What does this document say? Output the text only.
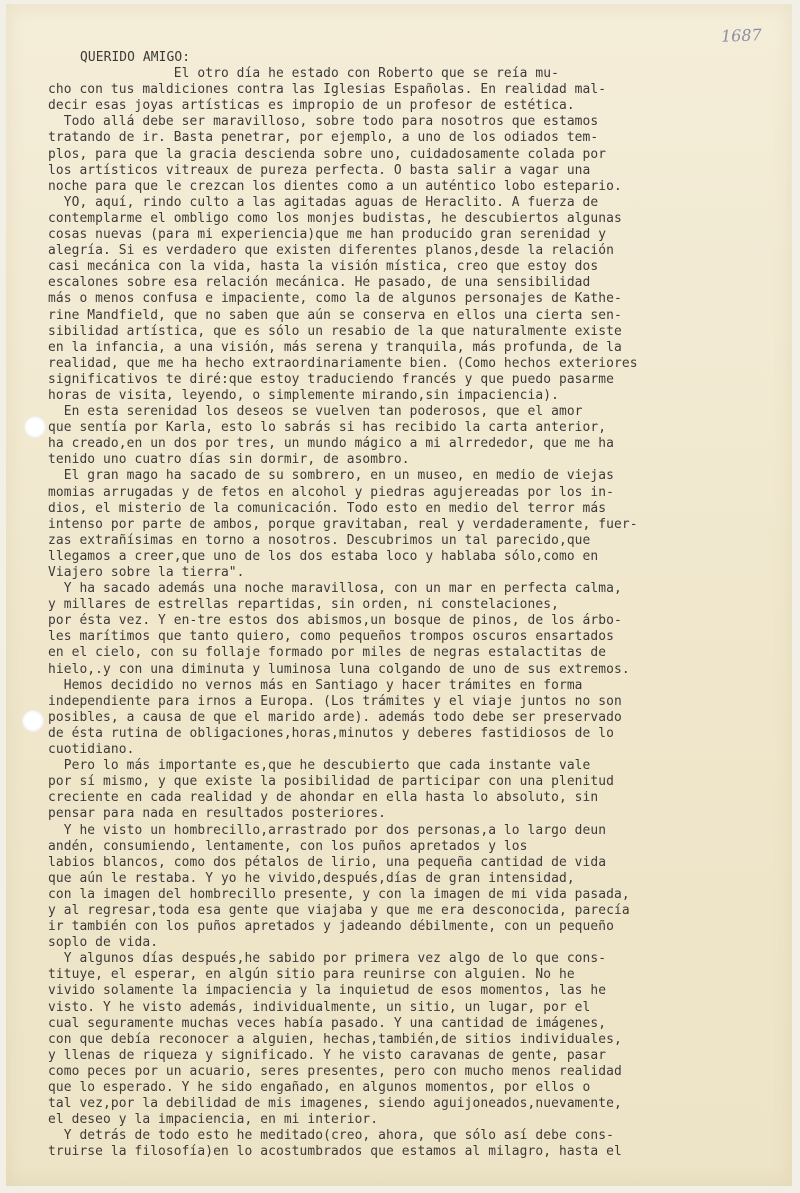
1687
QUERIDO AMIGO:
El otro día he estado con Roberto que se reía mu-
cho con tus maldiciones contra las Iglesias Españolas. En realidad mal-
decir esas joyas artísticas es impropio de un profesor de estética.
Todo allá debe ser maravilloso, sobre todo para nosotros que estamos
tratando de ir. Basta penetrar, por ejemplo, a uno de los odiados tem-
plos, para que la gracia descienda sobre uno, cuidadosamente colada por
los artísticos vitreaux de pureza perfecta. O basta salir a vagar una
noche para que le crezcan los dientes como a un auténtico lobo estepario.
YO, aquí, rindo culto a las agitadas aguas de Heraclito. A fuerza de
contemplarme el ombligo como los monjes budistas, he descubiertos algunas
cosas nuevas (para mi experiencia)que me han producido gran serenidad y
alegría. Si es verdadero que existen diferentes planos,desde la relación
casi mecánica con la vida, hasta la visión mística, creo que estoy dos
escalones sobre esa relación mecánica. He pasado, de una sensibilidad
más o menos confusa e impaciente, como la de algunos personajes de Kathe-
rine Mandfield, que no saben que aún se conserva en ellos una cierta sen-
sibilidad artística, que es sólo un resabio de la que naturalmente existe
en la infancia, a una visión, más serena y tranquila, más profunda, de la
realidad, que me ha hecho extraordinariamente bien. (Como hechos exteriores
significativos te diré:que estoy traduciendo francés y que puedo pasarme
horas de visita, leyendo, o simplemente mirando,sin impaciencia).
En esta serenidad los deseos se vuelven tan poderosos, que el amor
que sentía por Karla, esto lo sabrás si has recibido la carta anterior,
ha creado,en un dos por tres, un mundo mágico a mi alrrededor, que me ha
tenido uno cuatro días sin dormir, de asombro.
El gran mago ha sacado de su sombrero, en un museo, en medio de viejas
momias arrugadas y de fetos en alcohol y piedras agujereadas por los in-
dios, el misterio de la comunicación. Todo esto en medio del terror más
intenso por parte de ambos, porque gravitaban, real y verdaderamente, fuer-
zas extrañísimas en torno a nosotros. Descubrimos un tal parecido,que
llegamos a creer,que uno de los dos estaba loco y hablaba sólo,como en
Viajero sobre la tierra".
Y ha sacado además una noche maravillosa, con un mar en perfecta calma,
y millares de estrellas repartidas, sin orden, ni constelaciones,
por ésta vez. Y en-tre estos dos abismos,un bosque de pinos, de los árbo-
les marítimos que tanto quiero, como pequeños trompos oscuros ensartados
en el cielo, con su follaje formado por miles de negras estalactitas de
hielo,.y con una diminuta y luminosa luna colgando de uno de sus extremos.
Hemos decidido no vernos más en Santiago y hacer trámites en forma
independiente para irnos a Europa. (Los trámites y el viaje juntos no son
posibles, a causa de que el marido arde). además todo debe ser preservado
de ésta rutina de obligaciones,horas,minutos y deberes fastidiosos de lo
cuotidiano.
Pero lo más importante es,que he descubierto que cada instante vale
por sí mismo, y que existe la posibilidad de participar con una plenitud
creciente en cada realidad y de ahondar en ella hasta lo absoluto, sin
pensar para nada en resultados posteriores.
Y he visto un hombrecillo,arrastrado por dos personas,a lo largo deun
andén, consumiendo, lentamente, con los puños apretados y los
labios blancos, como dos pétalos de lirio, una pequeña cantidad de vida
que aún le restaba. Y yo he vivido,después,días de gran intensidad,
con la imagen del hombrecillo presente, y con la imagen de mi vida pasada,
y al regresar,toda esa gente que viajaba y que me era desconocida, parecía
ir también con los puños apretados y jadeando débilmente, con un pequeño
soplo de vida.
Y algunos días después,he sabido por primera vez algo de lo que cons-
tituye, el esperar, en algún sitio para reunirse con alguien. No he
vivido solamente la impaciencia y la inquietud de esos momentos, las he
visto. Y he visto además, individualmente, un sitio, un lugar, por el
cual seguramente muchas veces había pasado. Y una cantidad de imágenes,
con que debía reconocer a alguien, hechas,también,de sitios individuales,
y llenas de riqueza y significado. Y he visto caravanas de gente, pasar
como peces por un acuario, seres presentes, pero con mucho menos realidad
que lo esperado. Y he sido engañado, en algunos momentos, por ellos o
tal vez,por la debilidad de mis imagenes, siendo aguijoneados,nuevamente,
el deseo y la impaciencia, en mi interior.
Y detrás de todo esto he meditado(creo, ahora, que sólo así debe cons-
truirse la filosofía)en lo acostumbrados que estamos al milagro, hasta el
